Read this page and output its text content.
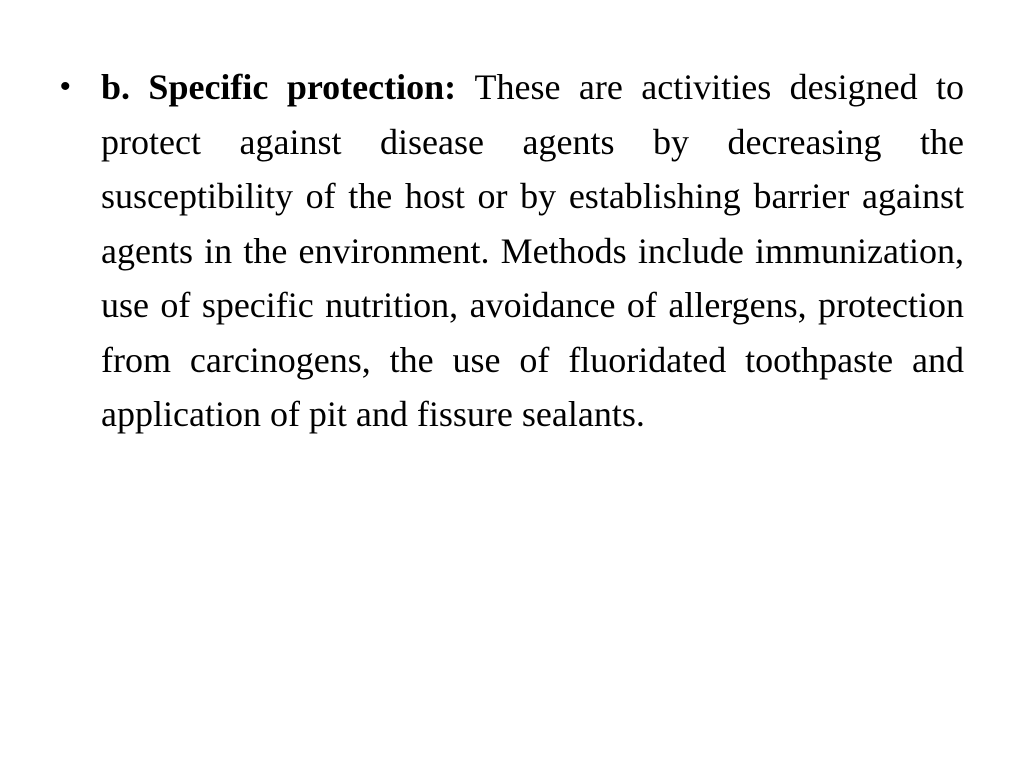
• b. Specific protection: These are activities designed to protect against disease agents by decreasing the susceptibility of the host or by establishing barrier against agents in the environment. Methods include immunization, use of specific nutrition, avoidance of allergens, protection from carcinogens, the use of fluoridated toothpaste and application of pit and fissure sealants.
